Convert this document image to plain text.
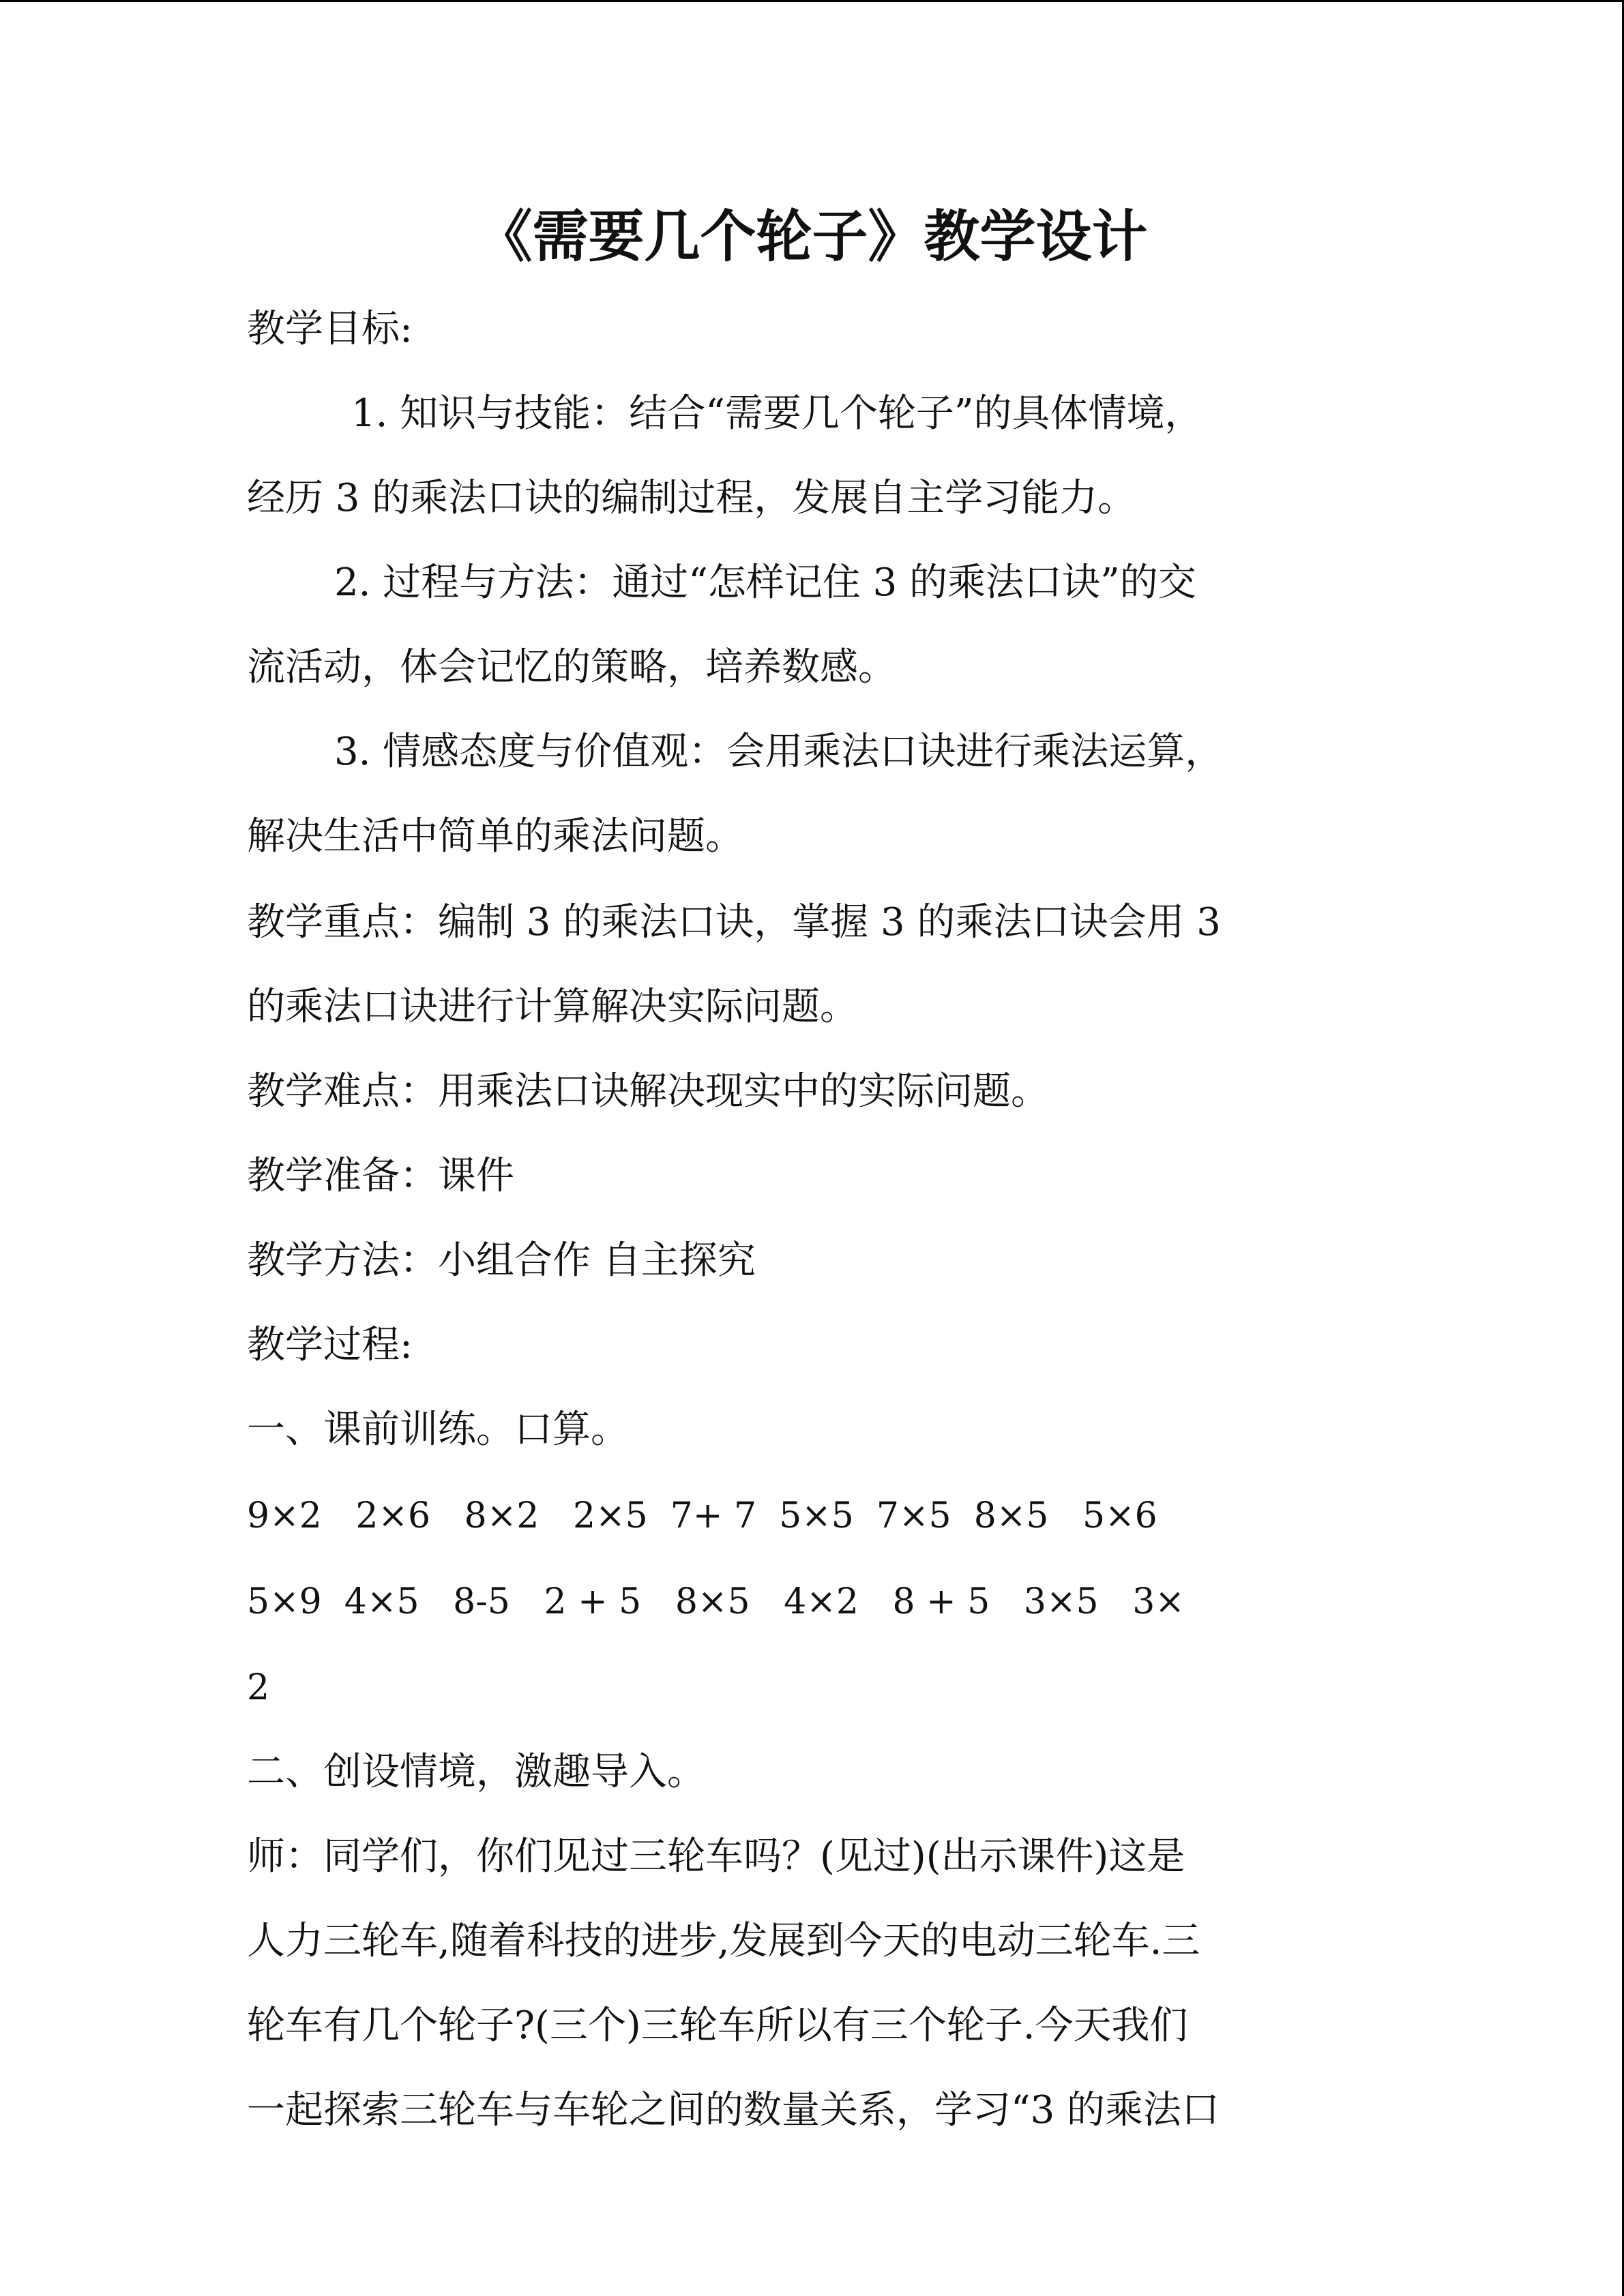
《需要几个轮子》教学设计
教学目标:
1. 知识与技能：结合“需要几个轮子”的具体情境，
经历 3 的乘法口诀的编制过程，发展自主学习能力。
2. 过程与方法：通过“怎样记住 3 的乘法口诀”的交
流活动，体会记忆的策略，培养数感。
3. 情感态度与价值观：会用乘法口诀进行乘法运算，
解决生活中简单的乘法问题。
教学重点：编制 3 的乘法口诀，掌握 3 的乘法口诀会用 3
的乘法口诀进行计算解决实际问题。
教学难点：用乘法口诀解决现实中的实际问题。
教学准备：课件
教学方法：小组合作 自主探究
教学过程:
一、课前训练。口算。
9×2   2×6   8×2   2×5  7+ 7  5×5  7×5  8×5   5×6
5×9  4×5   8-5   2 + 5   8×5   4×2   8 + 5   3×5   3×
2
二、创设情境，激趣导入。
师：同学们，你们见过三轮车吗？(见过)(出示课件)这是
人力三轮车,随着科技的进步,发展到今天的电动三轮车.三
轮车有几个轮子?(三个)三轮车所以有三个轮子.今天我们
一起探索三轮车与车轮之间的数量关系，学习“3 的乘法口
